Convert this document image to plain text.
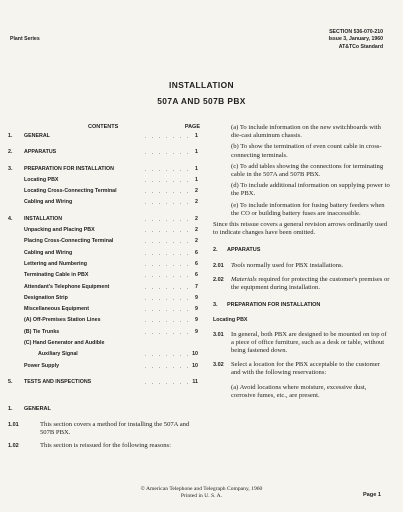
Plant Series
SECTION 536-070-210
Issue 3, January, 1960
AT&TCo Standard
INSTALLATION
507A AND 507B PBX
CONTENTS	PAGE
1. GENERAL	. . . . . . . 1
2. APPARATUS	. . . . . . . 1
3. PREPARATION FOR INSTALLATION	. . . . . . . 1
Locating PBX	. . . . . . . 1
Locating Cross-Connecting Terminal	. . . . . . . 2
Cabling and Wiring	. . . . . . . 2
4. INSTALLATION	. . . . . . . 2
Unpacking and Placing PBX	. . . . . . . 2
Placing Cross-Connecting Terminal	. . . . . . . 2
Cabling and Wiring	. . . . . . . 6
Lettering and Numbering	. . . . . . . 6
Terminating Cable in PBX	. . . . . . . 6
Attendant's Telephone Equipment	. . . . . . . 7
Designation Strip	. . . . . . . 9
Miscellaneous Equipment	. . . . . . . 9
(A) Off-Premises Station Lines	. . . . . . . 9
(B) Tie Trunks	. . . . . . . 9
(C) Hand Generator and Audible
Auxiliary Signal	. . . . . . . 10
Power Supply	. . . . . . . 10
5. TESTS AND INSPECTIONS	. . . . . . . 11
1. GENERAL
1.01	This section covers a method for installing the 507A and 507B PBX.
1.02	This section is reissued for the following reasons:
(a) To include information on the new switchboards with die-cast aluminum chassis.
(b) To show the termination of even count cable in cross-connecting terminals.
(c) To add tables showing the connections for terminating cable in the 507A and 507B PBX.
(d) To include additional information on supplying power to the PBX.
(e) To include information for fusing battery feeders when the CO or building battery fuses are inaccessible.
Since this reissue covers a general revision arrows ordinarily used to indicate changes have been omitted.
2. APPARATUS
2.01 Tools normally used for PBX installations.
2.02 Materials required for protecting the customer's premises or the equipment during installation.
3. PREPARATION FOR INSTALLATION
Locating PBX
3.01 In general, both PBX are designed to be mounted on top of a piece of office furniture, such as a desk or table, without being fastened down.
3.02 Select a location for the PBX acceptable to the customer and with the following reservations:
(a) Avoid locations where moisture, excessive dust, corrosive fumes, etc., are present.
© American Telephone and Telegraph Company, 1960
Printed in U. S. A.	Page 1
